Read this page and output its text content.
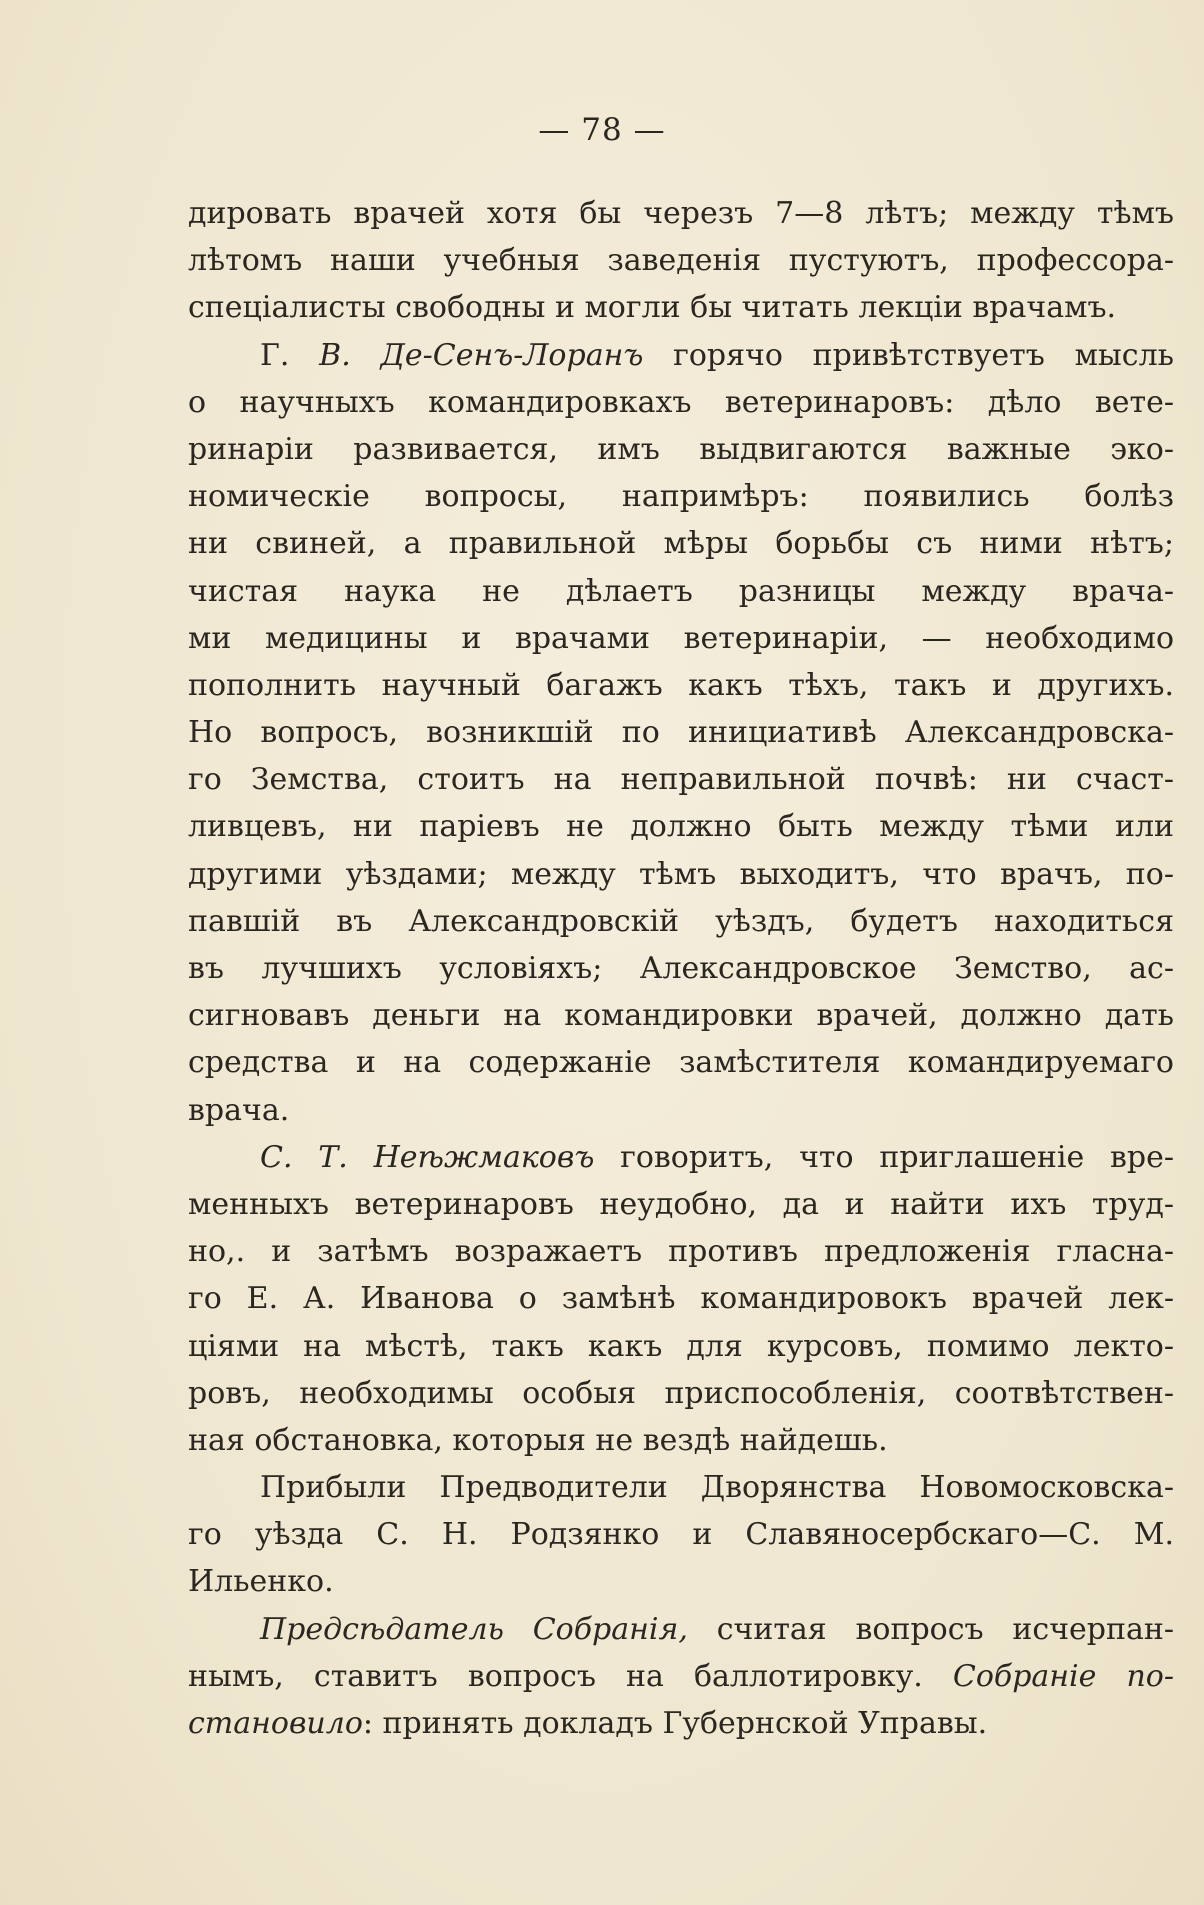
— 78 —
дировать врачей хотя бы черезъ 7—8 лѣтъ; между тѣмъ
лѣтомъ наши учебныя заведенія пустуютъ, профессора-
спеціалисты свободны и могли бы читать лекціи врачамъ.
Г. В. Де-Сенъ-Лоранъ горячо привѣтствуетъ мысль
о научныхъ командировкахъ ветеринаровъ: дѣло вете-
ринаріи развивается, имъ выдвигаются важные эко-
номическіе вопросы, напримѣръ: появились болѣз
ни свиней, а правильной мѣры борьбы съ ними нѣтъ;
чистая наука не дѣлаетъ разницы между врача-
ми медицины и врачами ветеринаріи, — необходимо
пополнить научный багажъ какъ тѣхъ, такъ и другихъ.
Но вопросъ, возникшій по инициативѣ Александровска-
го Земства, стоитъ на неправильной почвѣ: ни счаст-
ливцевъ, ни паріевъ не должно быть между тѣми или
другими уѣздами; между тѣмъ выходитъ, что врачъ, по-
павшій въ Александровскій уѣздъ, будетъ находиться
въ лучшихъ условіяхъ; Александровское Земство, ас-
сигновавъ деньги на командировки врачей, должно дать
средства и на содержаніе замѣстителя командируемаго
врача.
С. Т. Неѣжмаковъ говоритъ, что приглашеніе вре-
менныхъ ветеринаровъ неудобно, да и найти ихъ труд-
но,. и затѣмъ возражаетъ противъ предложенія гласна-
го Е. А. Иванова о замѣнѣ командировокъ врачей лек-
ціями на мѣстѣ, такъ какъ для курсовъ, помимо лекто-
ровъ, необходимы особыя приспособленія, соотвѣтствен-
ная обстановка, которыя не вездѣ найдешь.
Прибыли Предводители Дворянства Новомосковска-
го уѣзда С. Н. Родзянко и Славяносербскаго—С. М.
Ильенко.
Предсѣдатель Собранія, считая вопросъ исчерпан-
нымъ, ставитъ вопросъ на баллотировку. Собраніе по-
становило: принять докладъ Губернской Управы.
